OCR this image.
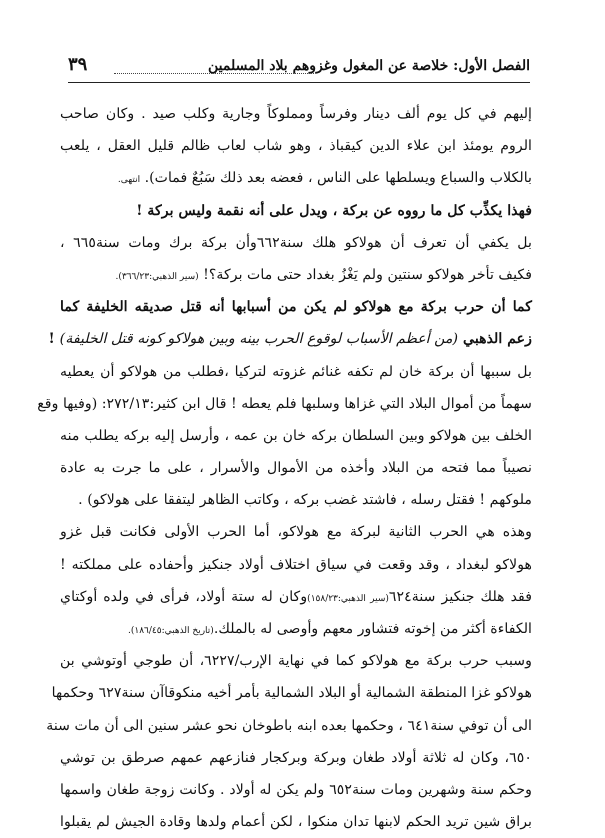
الفصل الأول: خلاصة عن المغول وغزوهم بلاد المسلمين
٣٩
إليهم في كل يوم ألف دينار وفرساً ومملوكاً وجارية وكلب صيد . وكان صاحب
الروم يومئذ ابن علاء الدين كيقباذ ، وهو شاب لعاب ظالم قليل العقل ، يلعب
بالكلاب والسباع ويسلطها على الناس ، فعضه بعد ذلك سَبُعٌ فمات). انتهى.
فهذا يكذِّب كل ما رووه عن بركة ، ويدل على أنه نقمة وليس بركة !
بل يكفي أن تعرف أن هولاكو هلك سنة٦٦٢وأن بركة برك ومات سنة٦٦٥ ،
فكيف تأخر هولاكو سنتين ولم يَغْزُ بغداد حتى مات بركة؟! (سير الذهبي:٣٦٦/٢٣).
كما أن حرب بركة مع هولاكو لم يكن من أسبابها أنه قتل صديقه الخليفة كما
زعم الذهبي (من أعظم الأسباب لوقوع الحرب بينه وبين هولاكو كونه قتل الخليفة) !
بل سببها أن بركة خان لم تكفه غنائم غزوته لتركيا ،فطلب من هولاكو أن يعطيه
سهماً من أموال البلاد التي غزاها وسلبها فلم يعطه ! قال ابن كثير:٢٧٢/١٣: (وفيها وقع
الخلف بين هولاكو وبين السلطان بركه خان بن عمه ، وأرسل إليه بركه يطلب منه
نصيباً مما فتحه من البلاد وأخذه من الأموال والأسرار ، على ما جرت به عادة
ملوكهم ! فقتل رسله ، فاشتد غضب بركه ، وكاتب الظاهر ليتفقا على هولاكو) .
وهذه هي الحرب الثانية لبركة مع هولاكو، أما الحرب الأولى فكانت قبل غزو
هولاكو لبغداد ، وقد وقعت في سياق اختلاف أولاد جنكيز وأحفاده على مملكته !
فقد هلك جنكيز سنة٦٢٤(سير الذهبي:١٥٨/٢٣)وكان له ستة أولاد، فرأى في ولده أوكتاي
الكفاءة أكثر من إخوته فتشاور معهم وأوصى له بالملك.(تاريخ الذهبي:١٨٦/٤٥).
وسبب حرب بركة مع هولاكو كما في نهاية الإرب/٦٢٢٧، أن طوجي أوتوشي بن
هولاكو غزا المنطقة الشمالية أو البلاد الشمالية بأمر أخيه منكوقاآن سنة٦٢٧ وحكمها
الى أن توفي سنة٦٤١ ، وحكمها بعده ابنه باطوخان نحو عشر سنين الى أن مات سنة
٦٥٠، وكان له ثلاثة أولاد طغان وبركة وبركجار فنازعهم عمهم صرطق بن توشي
وحكم سنة وشهرين ومات سنة٦٥٢ ولم يكن له أولاد . وكانت زوجة طغان واسمها
براق شين تريد الحكم لابنها تدان منكوا ، لكن أعمام ولدها وقادة الجيش لم يقبلوا
